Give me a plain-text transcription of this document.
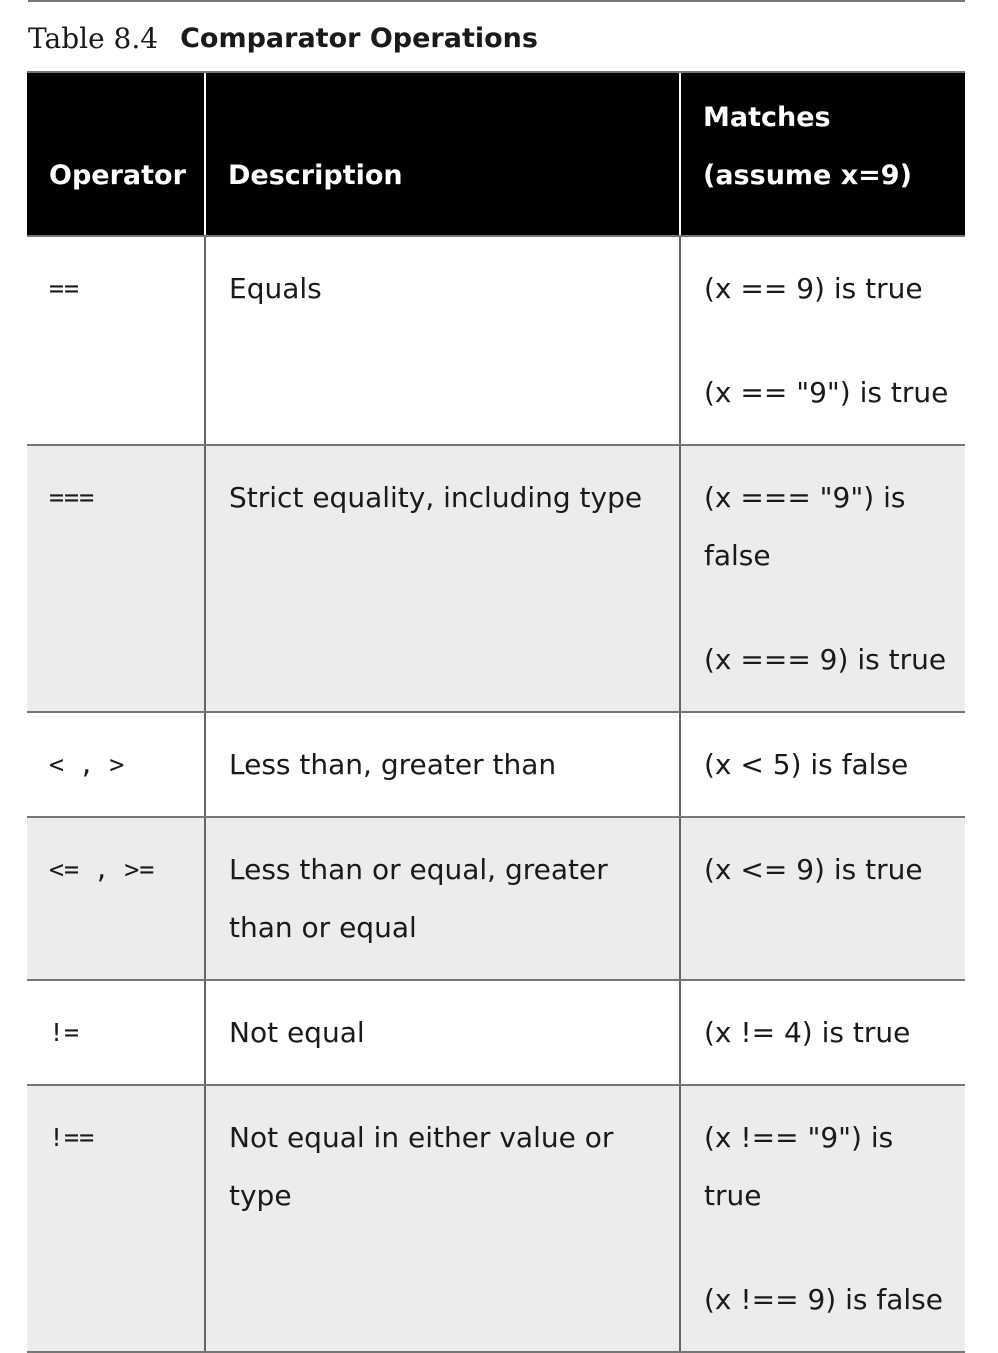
Table 8.4 Comparator Operations
Operator	Description	Matches
(assume x=9)
==	Equals	(x == 9) is true
(x == "9") is true

===	Strict equality, including type	(x === "9") is false
(x === 9) is true

< , >	Less than, greater than	(x < 5) is false

<= , >=	Less than or equal, greater than or equal	(x <= 9) is true

!=	Not equal	(x != 4) is true

!==	Not equal in either value or type	(x !== "9") is true
(x !== 9) is false
